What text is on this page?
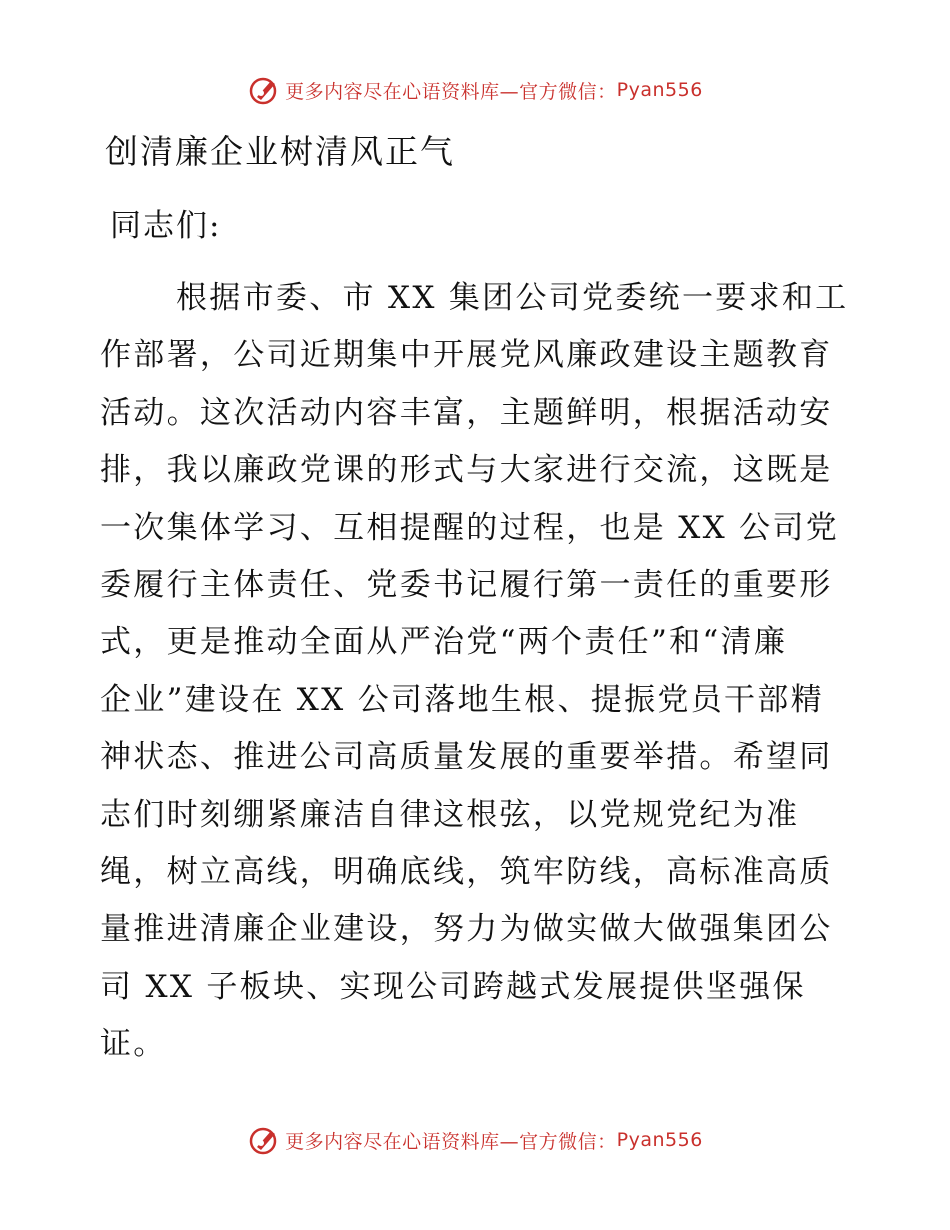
更多内容尽在心语资料库—官方微信： Pyan556
创清廉企业树清风正气

同志们:

根据市委、市 XX 集团公司党委统一要求和工
作部署，公司近期集中开展党风廉政建设主题教育
活动。这次活动内容丰富，主题鲜明，根据活动安
排，我以廉政党课的形式与大家进行交流，这既是
一次集体学习、互相提醒的过程，也是 XX 公司党
委履行主体责任、党委书记履行第一责任的重要形
式，更是推动全面从严治党“两个责任”和“清廉
企业”建设在 XX 公司落地生根、提振党员干部精
神状态、推进公司高质量发展的重要举措。希望同
志们时刻绷紧廉洁自律这根弦，以党规党纪为准
绳，树立高线，明确底线，筑牢防线，高标准高质
量推进清廉企业建设，努力为做实做大做强集团公
司 XX 子板块、实现公司跨越式发展提供坚强保
证。
更多内容尽在心语资料库—官方微信： Pyan556
